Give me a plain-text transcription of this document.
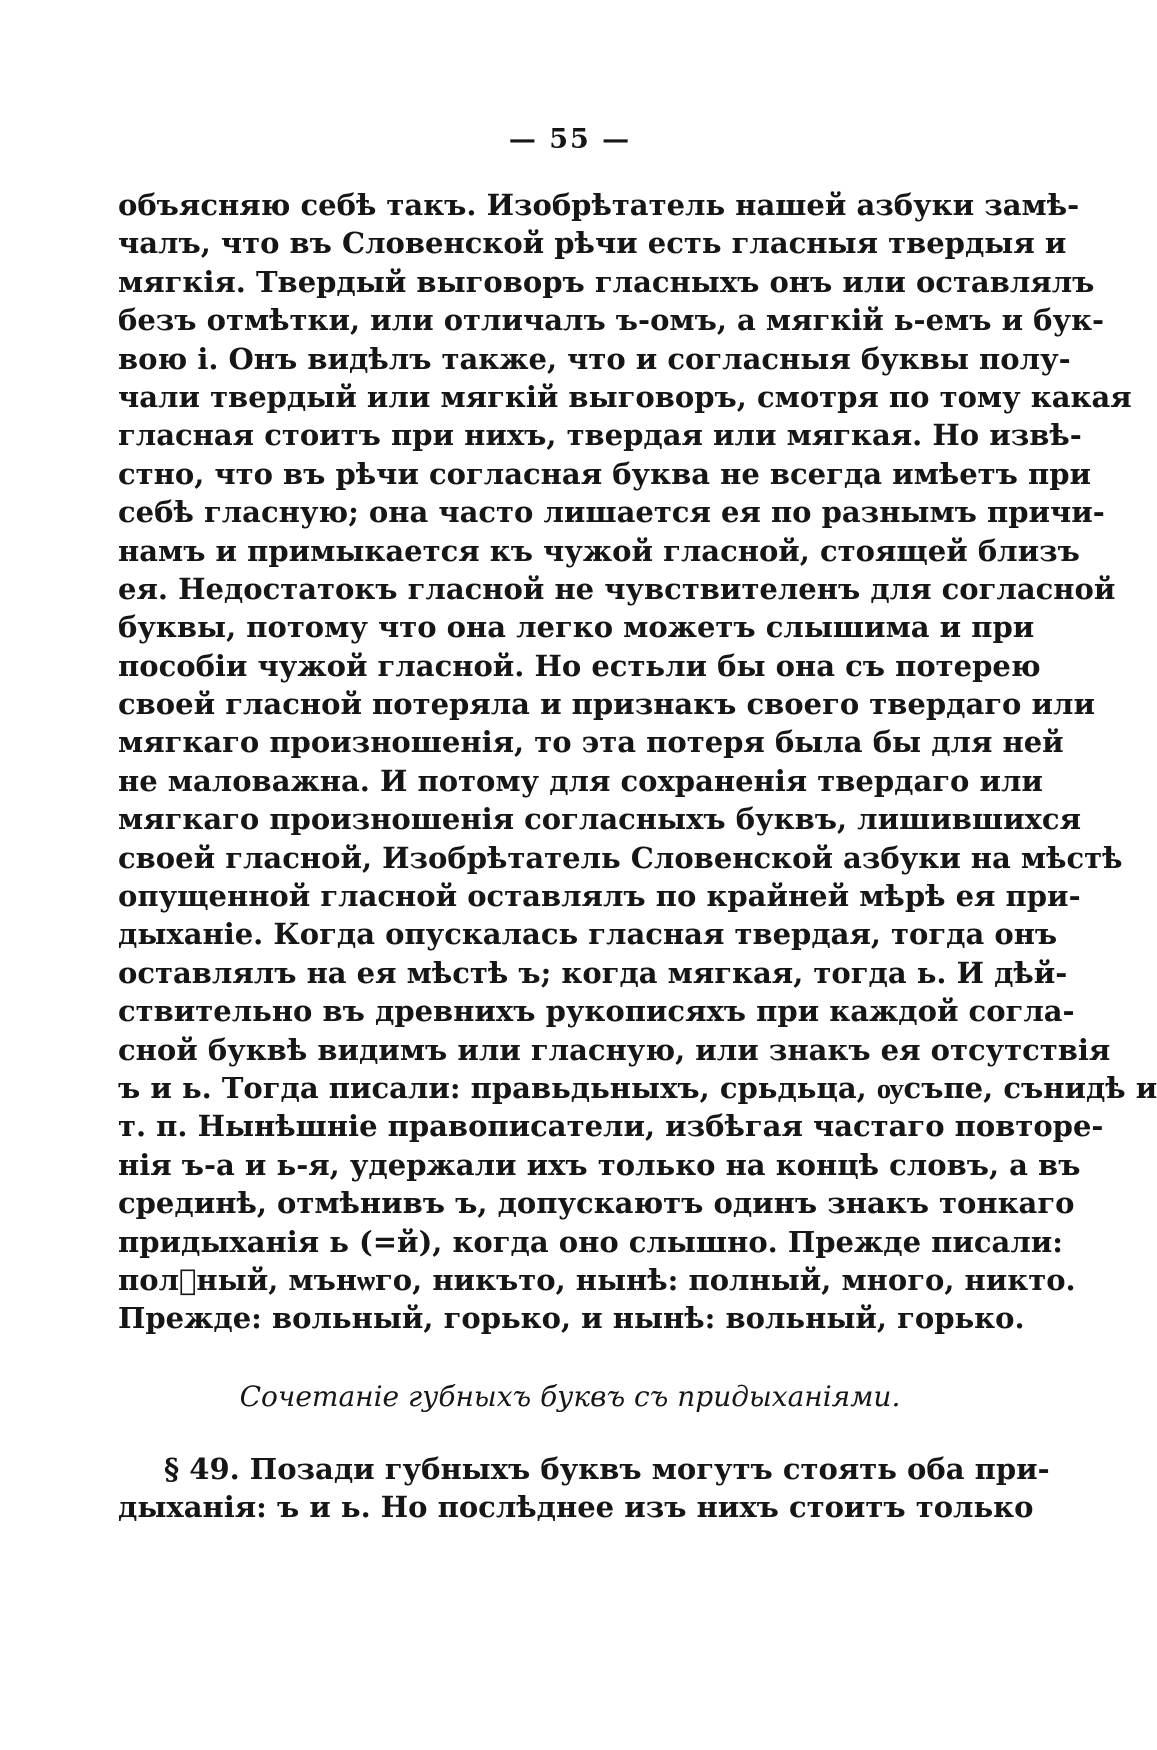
— 55 —
объясняю себѣ такъ. Изобрѣтатель нашей азбуки замѣ-
чалъ, что въ Словенской рѣчи есть гласныя твердыя и
мягкія. Твердый выговоръ гласныхъ онъ или оставлялъ
безъ отмѣтки, или отличалъ ъ-омъ, а мягкій ь-емъ и бук-
вою і. Онъ видѣлъ также, что и согласныя буквы полу-
чали твердый или мягкій выговоръ, смотря по тому какая
гласная стоитъ при нихъ, твердая или мягкая. Но извѣ-
стно, что въ рѣчи согласная буква не всегда имѣетъ при
себѣ гласную; она часто лишается ея по разнымъ причи-
намъ и примыкается къ чужой гласной, стоящей близъ
ея. Недостатокъ гласной не чувствителенъ для согласной
буквы, потому что она легко можетъ слышима и при
пособіи чужой гласной. Но естьли бы она съ потерею
своей гласной потеряла и признакъ своего твердаго или
мягкаго произношенія, то эта потеря была бы для ней
не маловажна. И потому для сохраненія твердаго или
мягкаго произношенія согласныхъ буквъ, лишившихся
своей гласной, Изобрѣтатель Словенской азбуки на мѣстѣ
опущенной гласной оставлялъ по крайней мѣрѣ ея при-
дыханіе. Когда опускалась гласная твердая, тогда онъ
оставлялъ на ея мѣстѣ ъ; когда мягкая, тогда ь. И дѣй-
ствительно въ древнихъ рукописяхъ при каждой согла-
сной буквѣ видимъ или гласную, или знакъ ея отсутствія
ъ и ь. Тогда писали: правьдьныхъ, срьдьца, ѹсъпе, сънидѣ и
т. п. Нынѣшніе правописатели, избѣгая частаго повторе-
нія ъ-а и ь-я, удержали ихъ только на концѣ словъ, а въ
срединѣ, отмѣнивъ ъ, допускаютъ одинъ знакъ тонкаго
придыханія ь (=й), когда оно слышно. Прежде писали:
пол꙽ный, мънѡго, никъто, нынѣ: полный, много, никто.
Прежде: вольный, горько, и нынѣ: вольный, горько.
Сочетаніе губныхъ буквъ съ придыханіями.
§ 49. Позади губныхъ буквъ могутъ стоять оба при-
дыханія: ъ и ь. Но послѣднее изъ нихъ стоитъ только
